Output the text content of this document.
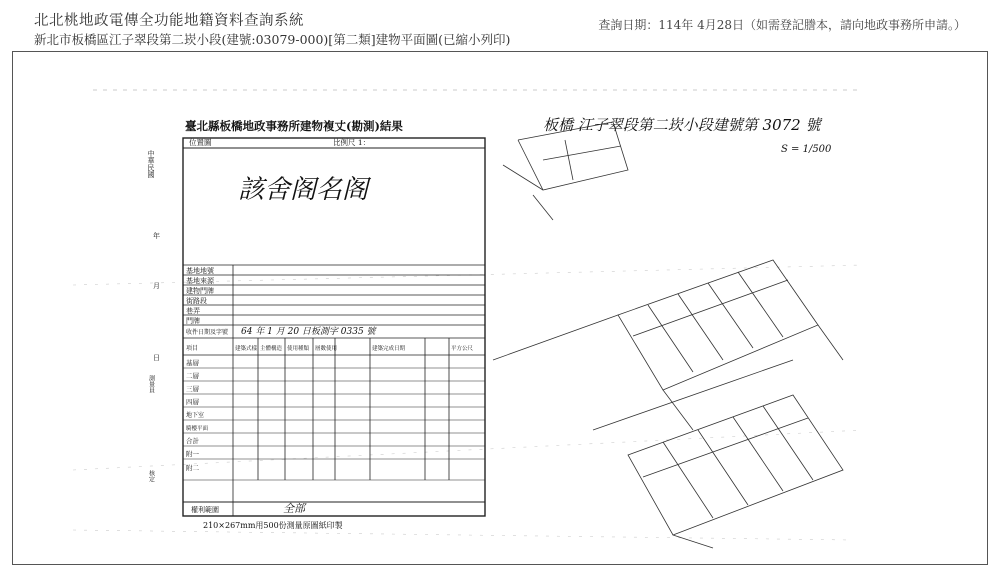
北北桃地政電傳全功能地籍資料查詢系統	查詢日期：114年 4月28日（如需登記謄本，請向地政事務所申請。）
新北市板橋區江子翠段第二崁小段(建號:03079-000)[第二類]建物平面圖(已縮小列印)
臺北縣板橋地政事務所建物複丈(勘測)結果
位置圖	比例尺 1：
該舍阁名阁
中華民國
年
月
日
測量員
核定
基地地號
基地來源
建物門牌
街路段
巷弄
門牌
收件日期及字號 64 年 1 月 20 日板測字 0335 號
項目	建築式樣 主體構造 使用種類 層數使用	建築完成日期	平方公尺
基層
二層
三層
四層
地下室
騎樓平面
合計
附一
附二
權利範圍	全部
210×267mm用500份測量原圖紙印製
板橋 江子翠段第二崁小段建號第 3072 號
S = 1/500
